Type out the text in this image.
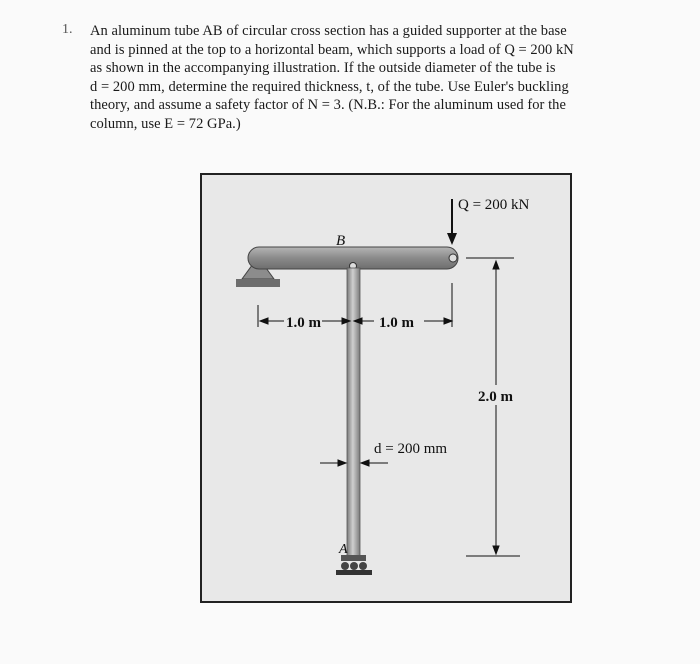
1. An aluminum tube AB of circular cross section has a guided supporter at the base
and is pinned at the top to a horizontal beam, which supports a load of Q = 200 kN
as shown in the accompanying illustration. If the outside diameter of the tube is
d = 200 mm, determine the required thickness, t, of the tube. Use Euler's buckling
theory, and assume a safety factor of N = 3. (N.B.: For the aluminum used for the
column, use E = 72 GPa.)
Q = 200 kN
B
1.0 m	1.0 m
2.0 m
d = 200 mm
A
